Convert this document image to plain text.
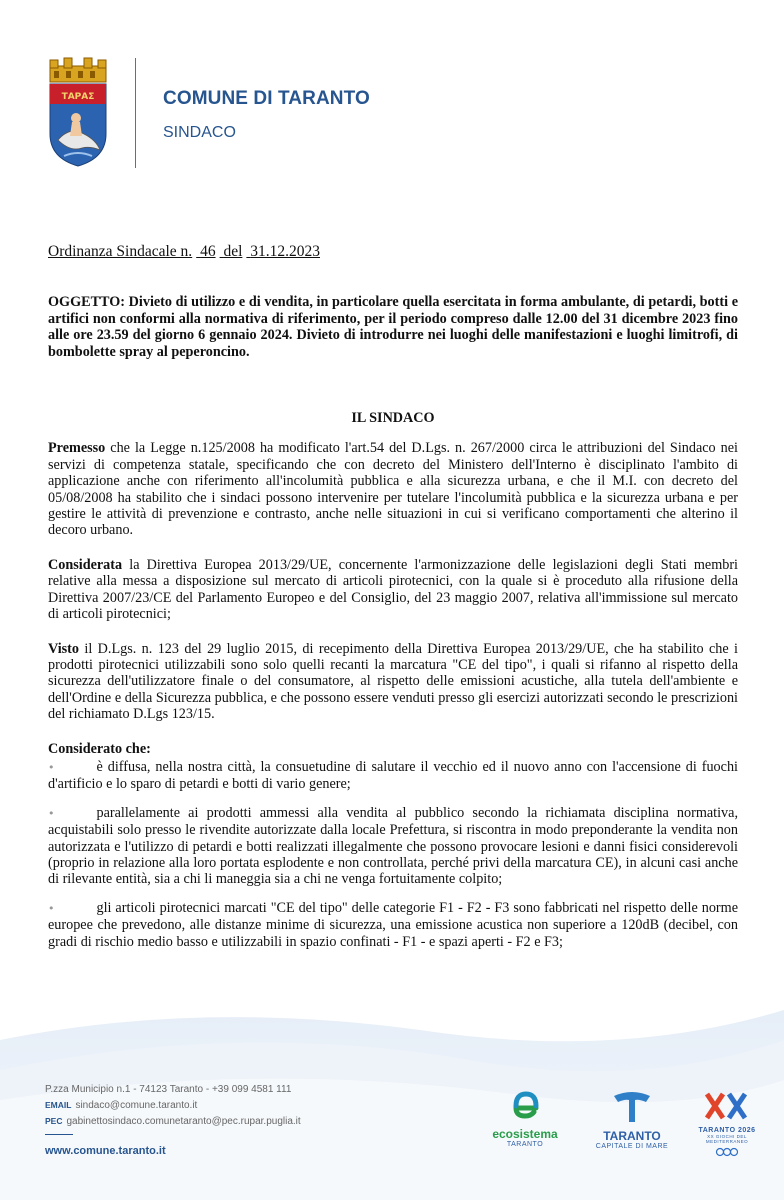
ΤΑΡΑΣ	COMUNE DI TARANTO
SINDACO
Ordinanza Sindacale n. 46 del 31.12.2023

OGGETTO: Divieto di utilizzo e di vendita, in particolare quella esercitata in forma ambulante, di petardi, botti e artifici non conformi alla normativa di riferimento, per il periodo compreso dalle 12.00 del 31 dicembre 2023 fino alle ore 23.59 del giorno 6 gennaio 2024. Divieto di introdurre nei luoghi delle manifestazioni e luoghi limitrofi, di bombolette spray al peperoncino.

IL SINDACO

Premesso che la Legge n.125/2008 ha modificato l'art.54 del D.Lgs. n. 267/2000 circa le attribuzioni del Sindaco nei servizi di competenza statale, specificando che con decreto del Ministero dell'Interno è disciplinato l'ambito di applicazione anche con riferimento all'incolumità pubblica e alla sicurezza urbana, e che il M.I. con decreto del 05/08/2008 ha stabilito che i sindaci possono intervenire per tutelare l'incolumità pubblica e la sicurezza urbana e per gestire le attività di prevenzione e contrasto, anche nelle situazioni in cui si verificano comportamenti che alterino il decoro urbano.

Considerata la Direttiva Europea 2013/29/UE, concernente l'armonizzazione delle legislazioni degli Stati membri relative alla messa a disposizione sul mercato di articoli pirotecnici, con la quale si è proceduto alla rifusione della Direttiva 2007/23/CE del Parlamento Europeo e del Consiglio, del 23 maggio 2007, relativa all'immissione sul mercato di articoli pirotecnici;

Visto il D.Lgs. n. 123 del 29 luglio 2015, di recepimento della Direttiva Europea 2013/29/UE, che ha stabilito che i prodotti pirotecnici utilizzabili sono solo quelli recanti la marcatura "CE del tipo", i quali si rifanno al rispetto della sicurezza dell'utilizzatore finale o del consumatore, al rispetto delle emissioni acustiche, alla tutela dell'ambiente e dell'Ordine e della Sicurezza pubblica, e che possono essere venduti presso gli esercizi autorizzati secondo le prescrizioni del richiamato D.Lgs 123/15.

Considerato che:

•	è diffusa, nella nostra città, la consuetudine di salutare il vecchio ed il nuovo anno con l'accensione di fuochi d'artificio e lo sparo di petardi e botti di vario genere;

•	parallelamente ai prodotti ammessi alla vendita al pubblico secondo la richiamata disciplina normativa, acquistabili solo presso le rivendite autorizzate dalla locale Prefettura, si riscontra in modo preponderante la vendita non autorizzata e l'utilizzo di petardi e botti realizzati illegalmente che possono provocare lesioni e danni fisici considerevoli (proprio in relazione alla loro portata esplodente e non controllata, perché privi della marcatura CE), in alcuni casi anche di rilevante entità, sia a chi li maneggia sia a chi ne venga fortuitamente colpito;

•	gli articoli pirotecnici marcati "CE del tipo" delle categorie F1 - F2 - F3 sono fabbricati nel rispetto delle norme europee che prevedono, alle distanze minime di sicurezza, una emissione acustica non superiore a 120dB (decibel, con gradi di rischio medio basso e utilizzabili in spazio confinati - F1 - e spazi aperti - F2 e F3;

P.zza Municipio n.1 - 74123 Taranto - +39 099 4581 111
EMAIL sindaco@comune.taranto.it
PEC gabinettosindaco.comunetaranto@pec.rupar.puglia.it
www.comune.taranto.it
ecosistema
TARANTO
TARANTO
CAPITALE DI MARE
TARANTO 2026
XX GIOCHI DEL MEDITERRANEO
